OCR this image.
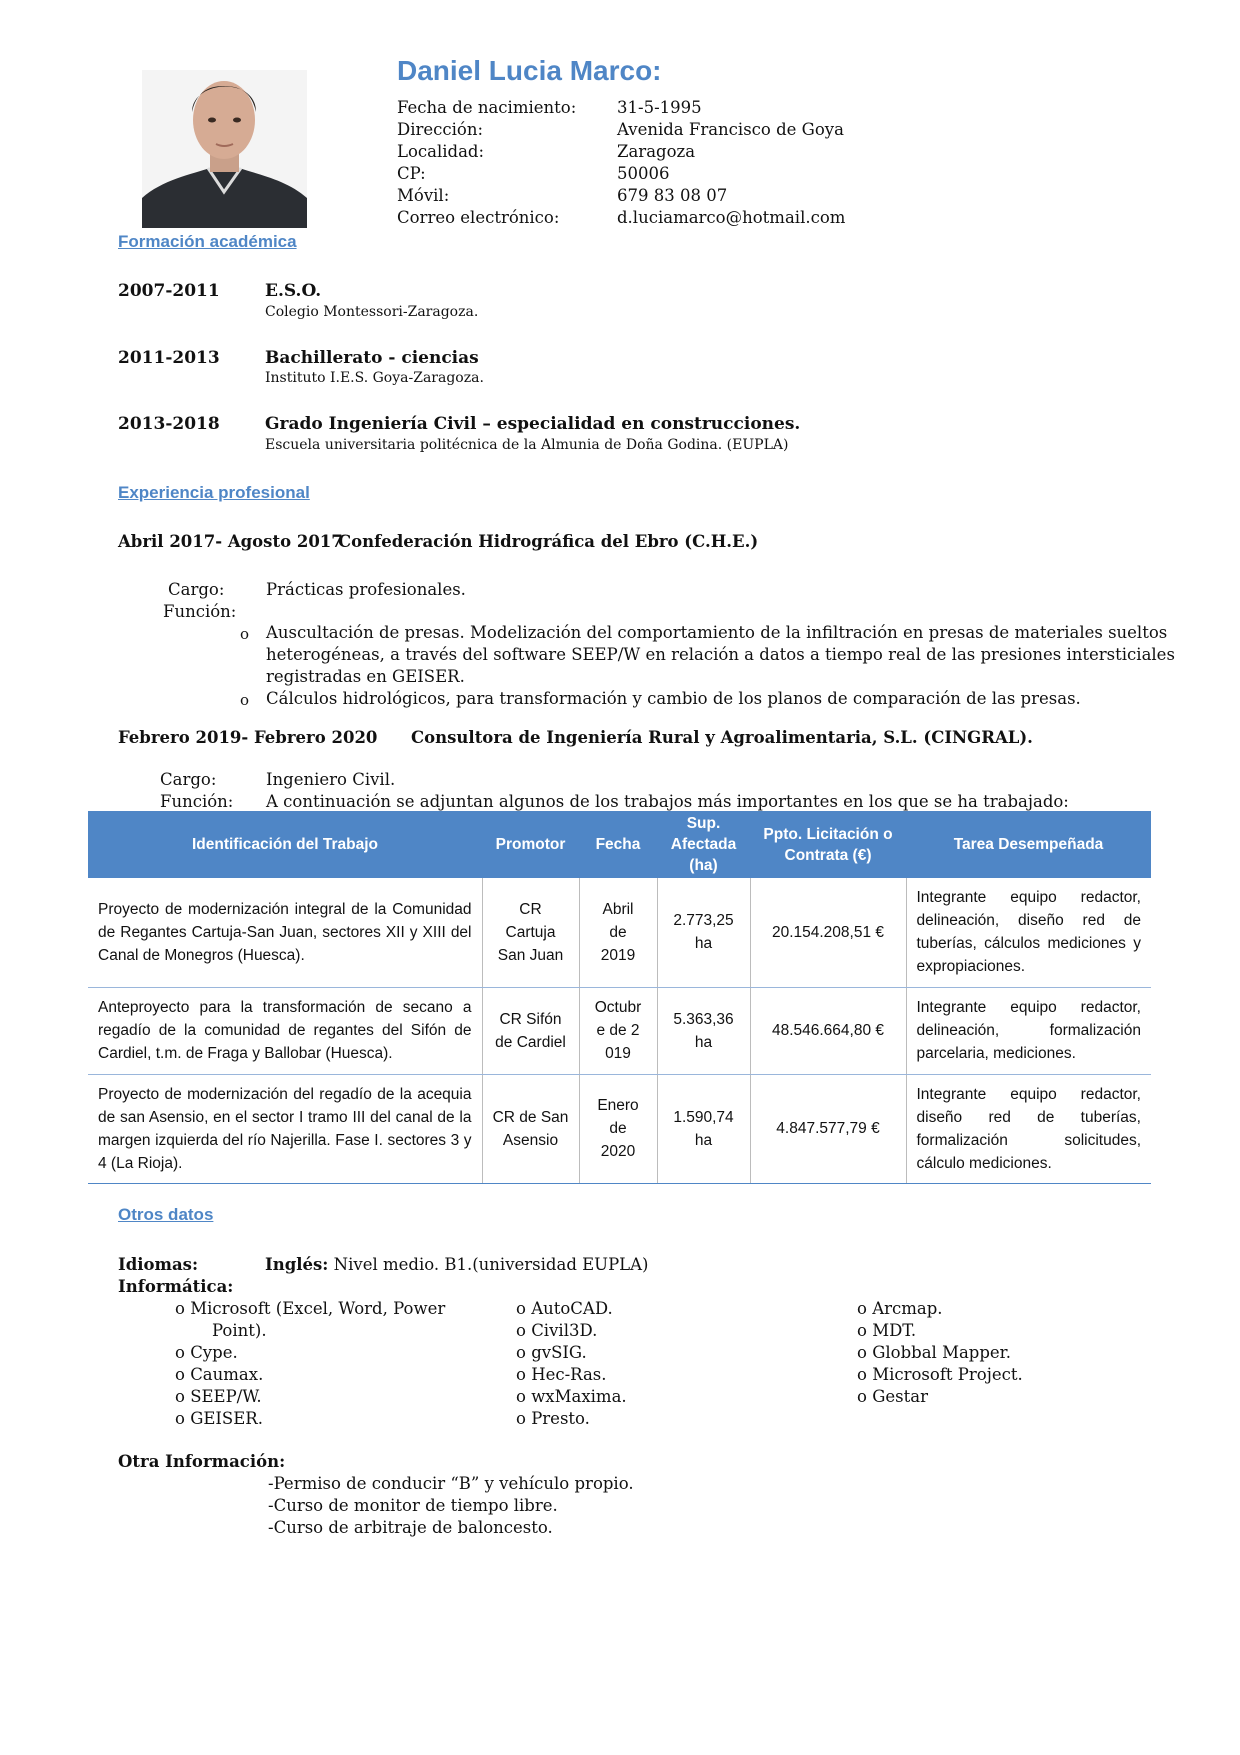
Daniel Lucia Marco:
Fecha de nacimiento: 31-5-1995
Dirección:	Avenida Francisco de Goya
Localidad:	Zaragoza
CP:	50006
Móvil:	679 83 08 07
Correo electrónico:	d.luciamarco@hotmail.com
Formación académica
2007-2011	E.S.O.
Colegio Montessori-Zaragoza.
2011-2013	Bachillerato - ciencias
Instituto I.E.S. Goya-Zaragoza.
2013-2018	Grado Ingeniería Civil – especialidad en construcciones.
Escuela universitaria politécnica de la Almunia de Doña Godina. (EUPLA)
Experiencia profesional
Abril 2017- Agosto 2017
Confederación Hidrográfica del Ebro (C.H.E.)
Cargo:	Prácticas profesionales.
Función:
o Auscultación de presas. Modelización del comportamiento de la infiltración en presas de materiales sueltos
heterogéneas, a través del software SEEP/W en relación a datos a tiempo real de las presiones intersticiales
registradas en GEISER.
o Cálculos hidrológicos, para transformación y cambio de los planos de comparación de las presas.
Febrero 2019- Febrero 2020 Consultora de Ingeniería Rural y Agroalimentaria, S.L. (CINGRAL).
Cargo:	Ingeniero Civil.
Función: A continuación se adjuntan algunos de los trabajos más importantes en los que se ha trabajado:
Identificación del Trabajo	Promotor	Fecha	Sup. Afectada (ha)	Ppto. Licitación o Contrata (€)	Tarea Desempeñada
Proyecto de modernización integral de la Comunidad de Regantes Cartuja-San Juan, sectores XII y XIII del Canal de Monegros (Huesca).	CR Cartuja San Juan	Abril de 2019	2.773,25 ha	20.154.208,51 €	Integrante equipo redactor, delineación, diseño red de tuberías, cálculos mediciones y expropiaciones.
Anteproyecto para la transformación de secano a regadío de la comunidad de regantes del Sifón de Cardiel, t.m. de Fraga y Ballobar (Huesca).	CR Sifón de Cardiel	Octubre de 2019	5.363,36 ha	48.546.664,80 €	Integrante equipo redactor, delineación, formalización parcelaria, mediciones.
Proyecto de modernización del regadío de la acequia de san Asensio, en el sector I tramo III del canal de la margen izquierda del río Najerilla. Fase I. sectores 3 y 4 (La Rioja).	CR de San Asensio	Enero de 2020	1.590,74 ha	4.847.577,79 €	Integrante equipo redactor, diseño red de tuberías, formalización solicitudes, cálculo mediciones.
Otros datos
Idiomas:	Inglés: Nivel medio. B1.(universidad EUPLA)
Informática:
o Microsoft (Excel, Word, Power
Point).
o Cype.
o Caumax.
o SEEP/W.
o GEISER.
o AutoCAD.
o Civil3D.
o gvSIG.
o Hec-Ras.
o wxMaxima.
o Presto.
o Arcmap.
o MDT.
o Globbal Mapper.
o Microsoft Project.
o Gestar
Otra Información:
-Permiso de conducir “B” y vehículo propio.
-Curso de monitor de tiempo libre.
-Curso de arbitraje de baloncesto.
